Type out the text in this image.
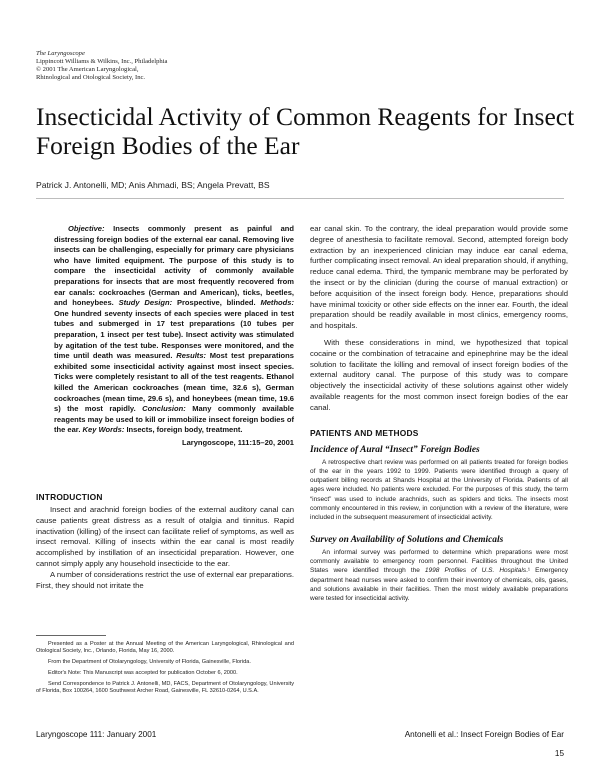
The Laryngoscope
Lippincott Williams & Wilkins, Inc., Philadelphia
© 2001 The American Laryngological,
Rhinological and Otological Society, Inc.
Insecticidal Activity of Common Reagents for Insect Foreign Bodies of the Ear
Patrick J. Antonelli, MD; Anis Ahmadi, BS; Angela Prevatt, BS

Objective: Insects commonly present as painful and distressing foreign bodies of the external ear canal. Removing live insects can be challenging, especially for primary care physicians who have limited equipment. The purpose of this study is to compare the insecticidal activity of commonly available preparations for insects that are most frequently recovered from ear canals: cockroaches (German and American), ticks, beetles, and honeybees. Study Design: Prospective, blinded. Methods: One hundred seventy insects of each species were placed in test tubes and submerged in 17 test preparations (10 tubes per preparation, 1 insect per test tube). Insect activity was stimulated by agitation of the test tube. Responses were monitored, and the time until death was measured. Results: Most test preparations exhibited some insecticidal activity against most insect species. Ticks were completely resistant to all of the test reagents. Ethanol killed the American cockroaches (mean time, 32.6 s), German cockroaches (mean time, 29.6 s), and honeybees (mean time, 19.6 s) the most rapidly. Conclusion: Many commonly available reagents may be used to kill or immobilize insect foreign bodies of the ear. Key Words: Insects, foreign body, treatment.

Laryngoscope, 111:15–20, 2001

INTRODUCTION

Insect and arachnid foreign bodies of the external auditory canal can cause patients great distress as a result of otalgia and tinnitus. Rapid inactivation (killing) of the insect can facilitate relief of symptoms, as well as insect removal. Killing of insects within the ear canal is most readily accomplished by instillation of an insecticidal preparation. However, one cannot simply apply any household insecticide to the ear.

A number of considerations restrict the use of external ear preparations. First, they should not irritate the

Presented as a Poster at the Annual Meeting of the American Laryngological, Rhinological and Otological Society, Inc., Orlando, Florida, May 16, 2000.

From the Department of Otolaryngology, University of Florida, Gainesville, Florida.

Editor's Note: This Manuscript was accepted for publication October 6, 2000.

Send Correspondence to Patrick J. Antonelli, MD, FACS, Department of Otolaryngology, University of Florida, Box 100264, 1600 Southwest Archer Road, Gainesville, FL 32610-0264, U.S.A.

ear canal skin. To the contrary, the ideal preparation would provide some degree of anesthesia to facilitate removal. Second, attempted foreign body extraction by an inexperienced clinician may induce ear canal edema, further complicating insect removal. An ideal preparation should, if anything, reduce canal edema. Third, the tympanic membrane may be perforated by the insect or by the clinician (during the course of manual extraction) or before acquisition of the insect foreign body. Hence, preparations should have minimal toxicity or other side effects on the inner ear. Fourth, the ideal preparation should be readily available in most clinics, emergency rooms, and hospitals.

With these considerations in mind, we hypothesized that topical cocaine or the combination of tetracaine and epinephrine may be the ideal solution to facilitate the killing and removal of insect foreign bodies of the external auditory canal. The purpose of this study was to compare objectively the insecticidal activity of these solutions against other widely available reagents for the most common insect foreign bodies of the ear canal.

PATIENTS AND METHODS
Incidence of Aural “Insect” Foreign Bodies

A retrospective chart review was performed on all patients treated for foreign bodies of the ear in the years 1992 to 1999. Patients were identified through a query of outpatient billing records at Shands Hospital at the University of Florida. Patients of all ages were included. No patients were excluded. For the purposes of this study, the term “insect” was used to include arachnids, such as spiders and ticks. The insects most commonly encountered in this review, in conjunction with a review of the literature, were included in the subsequent measurement of insecticidal activity.

Survey on Availability of Solutions and Chemicals

An informal survey was performed to determine which preparations were most commonly available to emergency room personnel. Facilities throughout the United States were identified through the 1998 Profiles of U.S. Hospitals.¹ Emergency department head nurses were asked to confirm their inventory of chemicals, oils, gases, and solutions available in their facilities. Then the most widely available preparations were tested for insecticidal activity.

Laryngoscope 111: January 2001	Antonelli et al.: Insect Foreign Bodies of Ear
15
